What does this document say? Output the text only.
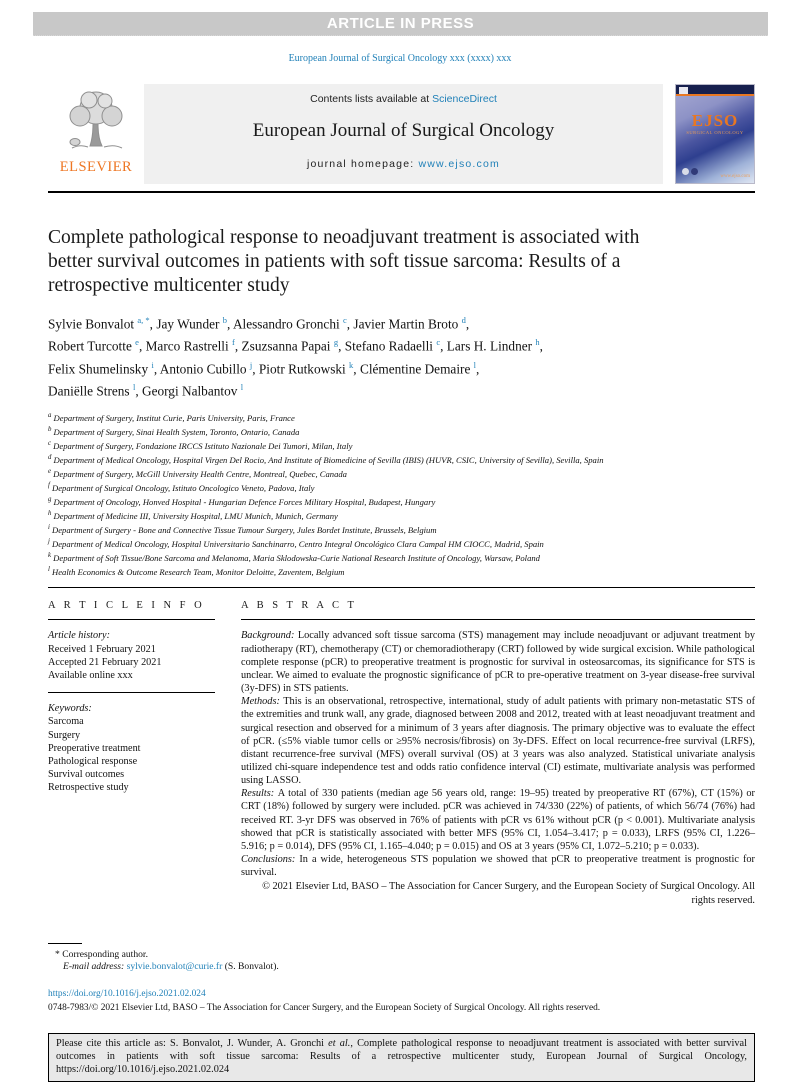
ARTICLE IN PRESS
European Journal of Surgical Oncology xxx (xxxx) xxx
ELSEVIER
Contents lists available at ScienceDirect
European Journal of Surgical Oncology
journal homepage: www.ejso.com
EJSO
SURGICAL ONCOLOGY
www.ejso.com
Complete pathological response to neoadjuvant treatment is associated with better survival outcomes in patients with soft tissue sarcoma: Results of a retrospective multicenter study
Sylvie Bonvalot $^{a, *}$, Jay Wunder $^b$, Alessandro Gronchi $^c$, Javier Martin Broto $^d$,
Robert Turcotte $^e$, Marco Rastrelli $^f$, Zsuzsanna Papai $^g$, Stefano Radaelli $^c$, Lars H. Lindner $^h$,
Felix Shumelinsky $^i$, Antonio Cubillo $^j$, Piotr Rutkowski $^k$, Clémentine Demaire $^l$,
Daniëlle Strens $^l$, Georgi Nalbantov $^l$
$^a$ Department of Surgery, Institut Curie, Paris University, Paris, France
$^b$ Department of Surgery, Sinai Health System, Toronto, Ontario, Canada
$^c$ Department of Surgery, Fondazione IRCCS Istituto Nazionale Dei Tumori, Milan, Italy
$^d$ Department of Medical Oncology, Hospital Virgen Del Rocio, And Institute of Biomedicine of Sevilla (IBIS) (HUVR, CSIC, University of Sevilla), Sevilla, Spain
$^e$ Department of Surgery, McGill University Health Centre, Montreal, Quebec, Canada
$^f$ Department of Surgical Oncology, Istituto Oncologico Veneto, Padova, Italy
$^g$ Department of Oncology, Honved Hospital - Hungarian Defence Forces Military Hospital, Budapest, Hungary
$^h$ Department of Medicine III, University Hospital, LMU Munich, Munich, Germany
$^i$ Department of Surgery - Bone and Connective Tissue Tumour Surgery, Jules Bordet Institute, Brussels, Belgium
$^j$ Department of Medical Oncology, Hospital Universitario Sanchinarro, Centro Integral Oncológico Clara Campal HM CIOCC, Madrid, Spain
$^k$ Department of Soft Tissue/Bone Sarcoma and Melanoma, Maria Sklodowska-Curie National Research Institute of Oncology, Warsaw, Poland
$^l$ Health Economics & Outcome Research Team, Monitor Deloitte, Zaventem, Belgium
A R T I C L E I N F O
Article history:
Received 1 February 2021
Accepted 21 February 2021
Available online xxx
Keywords:
Sarcoma
Surgery
Preoperative treatment
Pathological response
Survival outcomes
Retrospective study
A B S T R A C T
Background: Locally advanced soft tissue sarcoma (STS) management may include neoadjuvant or adjuvant treatment by radiotherapy (RT), chemotherapy (CT) or chemoradiotherapy (CRT) followed by wide surgical excision. While pathological complete response (pCR) to preoperative treatment is prognostic for survival in osteosarcomas, its significance for STS is unclear. We aimed to evaluate the prognostic significance of pCR to pre-operative treatment on 3-year disease-free survival (3y-DFS) in STS patients.
Methods: This is an observational, retrospective, international, study of adult patients with primary non-metastatic STS of the extremities and trunk wall, any grade, diagnosed between 2008 and 2012, treated with at least neoadjuvant treatment and surgical resection and observed for a minimum of 3 years after diagnosis. The primary objective was to evaluate the effect of pCR. (≤5% viable tumor cells or ≥95% necrosis/fibrosis) on 3y-DFS. Effect on local recurrence-free survival (LRFS), distant recurrence-free survival (MFS) overall survival (OS) at 3 years was also analyzed. Statistical univariate analysis utilized chi-square independence test and odds ratio confidence interval (CI) estimate, multivariate analysis was performed using LASSO.
Results: A total of 330 patients (median age 56 years old, range: 19–95) treated by preoperative RT (67%), CT (15%) or CRT (18%) followed by surgery were included. pCR was achieved in 74/330 (22%) of patients, of which 56/74 (76%) had received RT. 3-yr DFS was observed in 76% of patients with pCR vs 61% without pCR (p < 0.001). Multivariate analysis showed that pCR is statistically associated with better MFS (95% CI, 1.054–3.417; p = 0.033), LRFS (95% CI, 1.226–5.916; p = 0.014), DFS (95% CI, 1.165–4.040; p = 0.015) and OS at 3 years (95% CI, 1.072–5.210; p = 0.033).
Conclusions: In a wide, heterogeneous STS population we showed that pCR to preoperative treatment is prognostic for survival.
© 2021 Elsevier Ltd, BASO – The Association for Cancer Surgery, and the European Society of Surgical Oncology. All rights reserved.
* Corresponding author.
E-mail address: sylvie.bonvalot@curie.fr (S. Bonvalot).
https://doi.org/10.1016/j.ejso.2021.02.024
0748-7983/© 2021 Elsevier Ltd, BASO – The Association for Cancer Surgery, and the European Society of Surgical Oncology. All rights reserved.
Please cite this article as: S. Bonvalot, J. Wunder, A. Gronchi et al., Complete pathological response to neoadjuvant treatment is associated with better survival outcomes in patients with soft tissue sarcoma: Results of a retrospective multicenter study, European Journal of Surgical Oncology, https://doi.org/10.1016/j.ejso.2021.02.024
